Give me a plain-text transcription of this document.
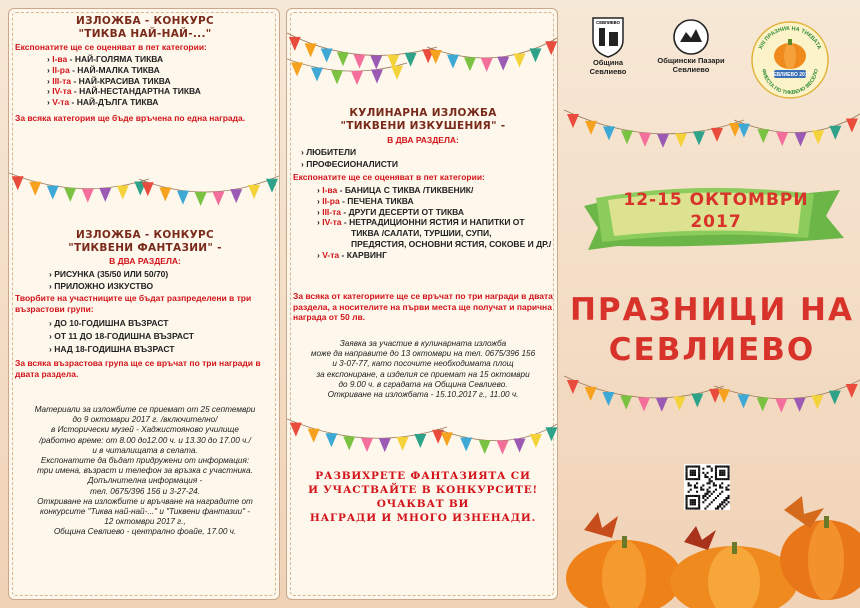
ИЗЛОЖБА - КОНКУРС
"ТИКВА НАЙ-НАЙ-..."
Експонатите ще се оценяват в пет категории:
› I-ва - НАЙ-ГОЛЯМА ТИКВА
› II-ра - НАЙ-МАЛКА ТИКВА
› III-та - НАЙ-КРАСИВА ТИКВА
› IV-та - НАЙ-НЕСТАНДАРТНА ТИКВА
› V-та - НАЙ-ДЪЛГА ТИКВА
За всяка категория ще бъде връчена по една награда.
ИЗЛОЖБА - КОНКУРС
"ТИКВЕНИ ФАНТАЗИИ" -
В ДВА РАЗДЕЛА:
› РИСУНКА (35/50 ИЛИ 50/70)
› ПРИЛОЖНО ИЗКУСТВО
Творбите на участниците ще бъдат разпределени в три възрастови групи:
› ДО 10-ГОДИШНА ВЪЗРАСТ
› ОТ 11 ДО 18-ГОДИШНА ВЪЗРАСТ
› НАД 18-ГОДИШНА ВЪЗРАСТ
За всяка възрастова група ще се връчат по три награди в двата раздела.
Материали за изложбите се приемат от 25 септември
до 9 октомври 2017 г. /включително/
в Исторически музей - Хаджистояново училище
/работно време: от 8.00 до12.00 ч. и 13.30 до 17.00 ч./
и в читалищата в селата.
Експонатите да бъдат придружени от информация:
три имена, възраст и телефон за връзка с участника.
Допълнителна информация -
тел. 0675/396 156 и 3-27-24.
Откриване на изложбите и връчване на наградите от
конкурсите "Тиква най-най-..." и "Тиквени фантазии" -
12 октомври 2017 г.,
Община Севлиево - централно фоайе, 17.00 ч.
КУЛИНАРНА ИЗЛОЖБА
"ТИКВЕНИ ИЗКУШЕНИЯ" -
В ДВА РАЗДЕЛА:
› ЛЮБИТЕЛИ
› ПРОФЕСИОНАЛИСТИ
Експонатите ще се оценяват в пет категории:
› I-ва - БАНИЦА С ТИКВА /ТИКВЕНИК/
› II-ра - ПЕЧЕНА ТИКВА
› III-та - ДРУГИ ДЕСЕРТИ ОТ ТИКВА
› IV-та - НЕТРАДИЦИОННИ ЯСТИЯ И НАПИТКИ ОТ
ТИКВА /САЛАТИ, ТУРШИИ, СУПИ,
ПРЕДЯСТИЯ, ОСНОВНИ ЯСТИЯ, СОКОВЕ И ДР./
› V-та - КАРВИНГ
За всяка от категориите ще се връчат по три награди в двата раздела, а носителите на първи места ще получат и парична награда от 50 лв.
Заявка за участие в кулинарната изложба
може да направите до 13 октомври на тел. 0675/396 156
и 3-07-77, като посочите необходимата площ
за експониране, а изделия се приемат на 15 октомври
до 9.00 ч. в сградата на Община Севлиево.
Откриване на изложбата - 15.10.2017 г., 11.00 ч.
РАЗВИХРЕТЕ ФАНТАЗИЯТА СИ
И УЧАСТВАЙТЕ В КОНКУРСИТЕ!
ОЧАКВАТ ВИ
НАГРАДИ И МНОГО ИЗНЕНАДИ.
СЕВЛИЕВО
Община Севлиево
Общински Пазари Севлиево
ХIII ПРАЗНИК НА ТИКВАТА
СЕВЛИЕВО 2017
ФИЕСТА ПО ТИКВЕНО ВЕСЕЛО
12-15 ОКТОМВРИ
2017
ПРАЗНИЦИ НА
СЕВЛИЕВО
